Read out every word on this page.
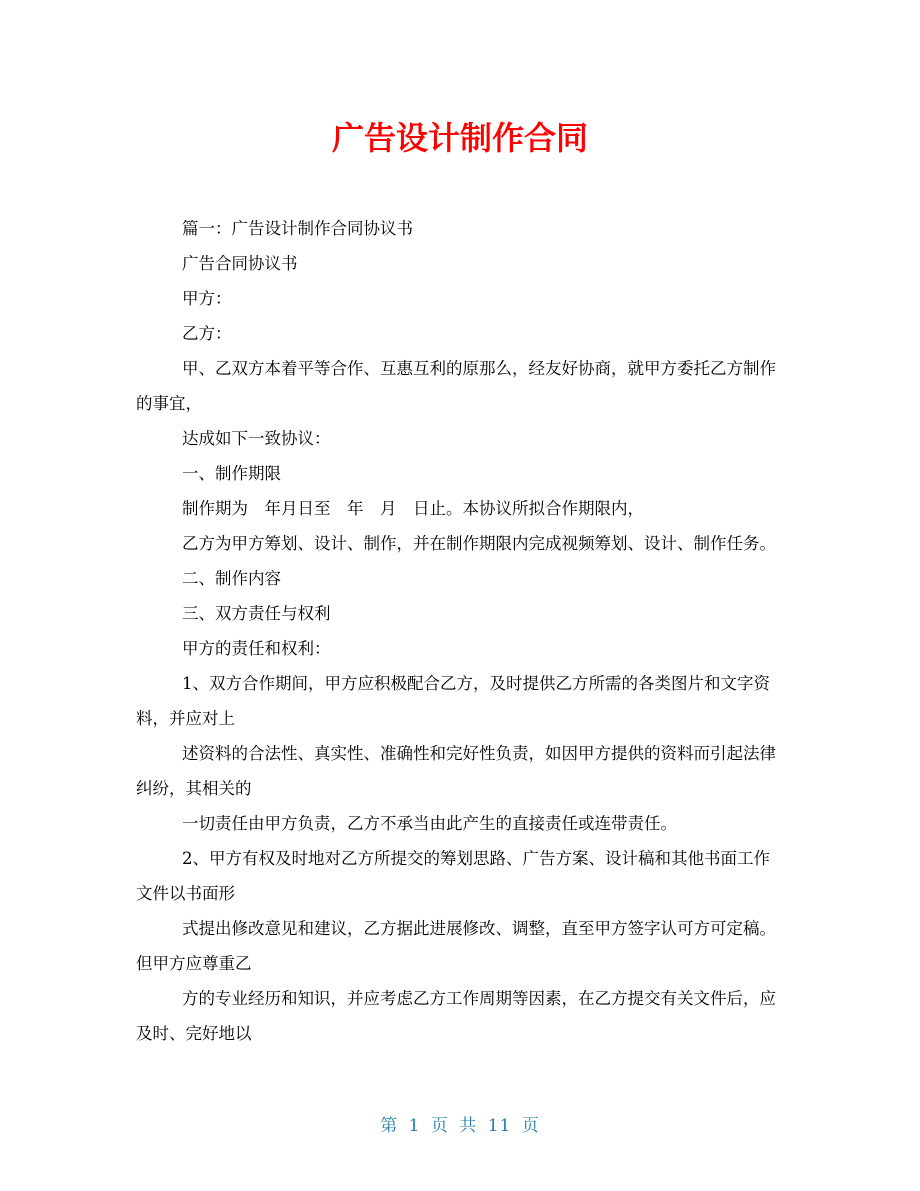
广告设计制作合同

篇一：广告设计制作合同协议书

广告合同协议书

甲方：

乙方：

甲、乙双方本着平等合作、互惠互利的原那么，经友好协商，就甲方委托乙方制作　的事宜，

达成如下一致协议：

一、制作期限

制作期为　年月日至　年　月　日止。本协议所拟合作期限内，

乙方为甲方筹划、设计、制作，并在制作期限内完成视频筹划、设计、制作任务。

二、制作内容

三、双方责任与权利

甲方的责任和权利：

1、双方合作期间，甲方应积极配合乙方，及时提供乙方所需的各类图片和文字资料，并应对上

述资料的合法性、真实性、准确性和完好性负责，如因甲方提供的资料而引起法律纠纷，其相关的

一切责任由甲方负责，乙方不承当由此产生的直接责任或连带责任。

2、甲方有权及时地对乙方所提交的筹划思路、广告方案、设计稿和其他书面工作文件以书面形

式提出修改意见和建议，乙方据此进展修改、调整，直至甲方签字认可方可定稿。但甲方应尊重乙

方的专业经历和知识，并应考虑乙方工作周期等因素，在乙方提交有关文件后，应及时、完好地以

第 1 页 共 11 页
